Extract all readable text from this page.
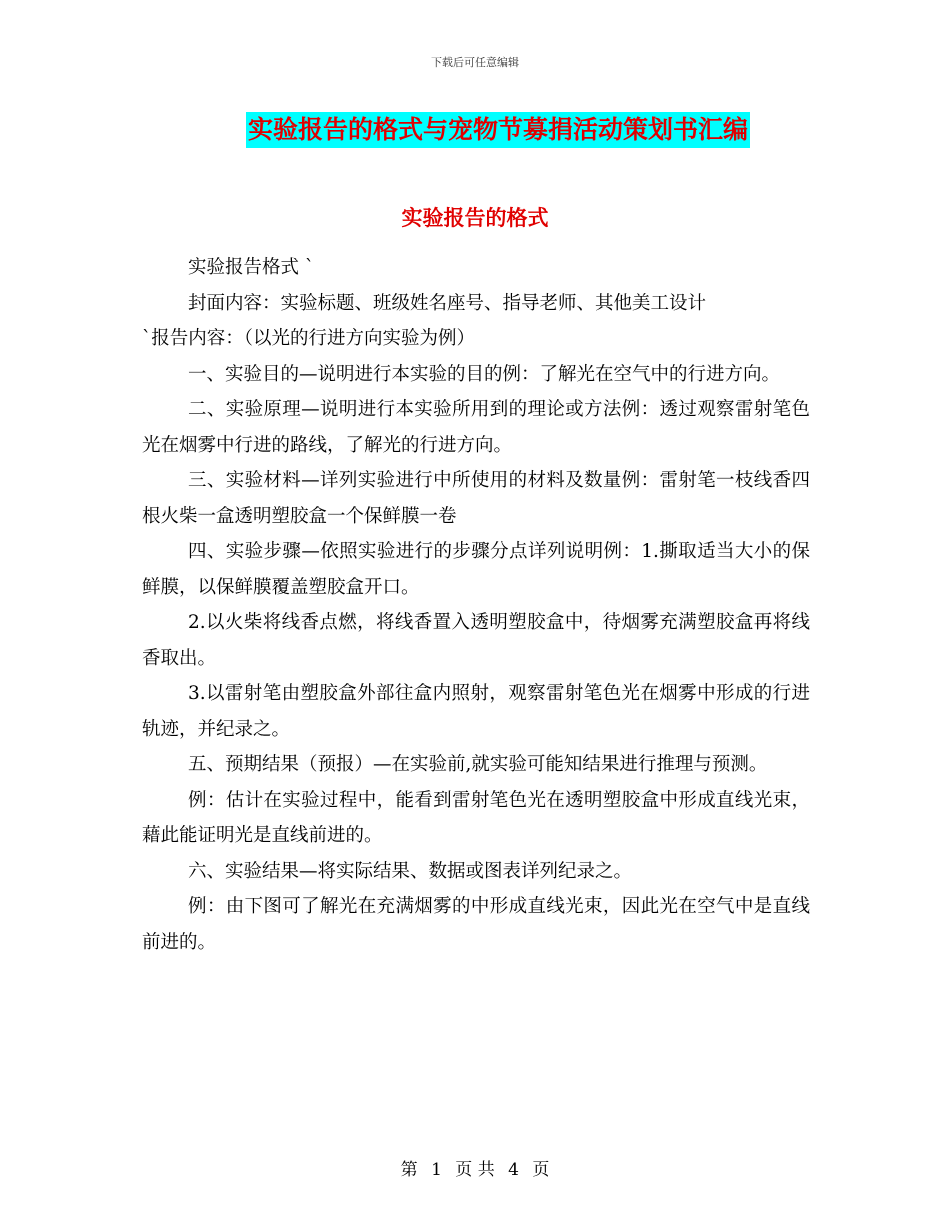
下载后可任意编辑
实验报告的格式与宠物节募捐活动策划书汇编
实验报告的格式

实验报告格式 `

封面内容：实验标题、班级姓名座号、指导老师、其他美工设计

`报告内容：（以光的行进方向实验为例）

一、实验目的—说明进行本实验的目的例：了解光在空气中的行进方向。

二、实验原理—说明进行本实验所用到的理论或方法例：透过观察雷射笔色光在烟雾中行进的路线，了解光的行进方向。

三、实验材料—详列实验进行中所使用的材料及数量例：雷射笔一枝线香四根火柴一盒透明塑胶盒一个保鲜膜一卷

四、实验步骤—依照实验进行的步骤分点详列说明例：1.撕取适当大小的保鲜膜，以保鲜膜覆盖塑胶盒开口。

2.以火柴将线香点燃，将线香置入透明塑胶盒中，待烟雾充满塑胶盒再将线香取出。

3.以雷射笔由塑胶盒外部往盒内照射，观察雷射笔色光在烟雾中形成的行进轨迹，并纪录之。

五、预期结果（预报）—在实验前,就实验可能知结果进行推理与预测。

例：估计在实验过程中，能看到雷射笔色光在透明塑胶盒中形成直线光束，藉此能证明光是直线前进的。

六、实验结果—将实际结果、数据或图表详列纪录之。

例：由下图可了解光在充满烟雾的中形成直线光束，因此光在空气中是直线前进的。

第 1 页 共 4 页
